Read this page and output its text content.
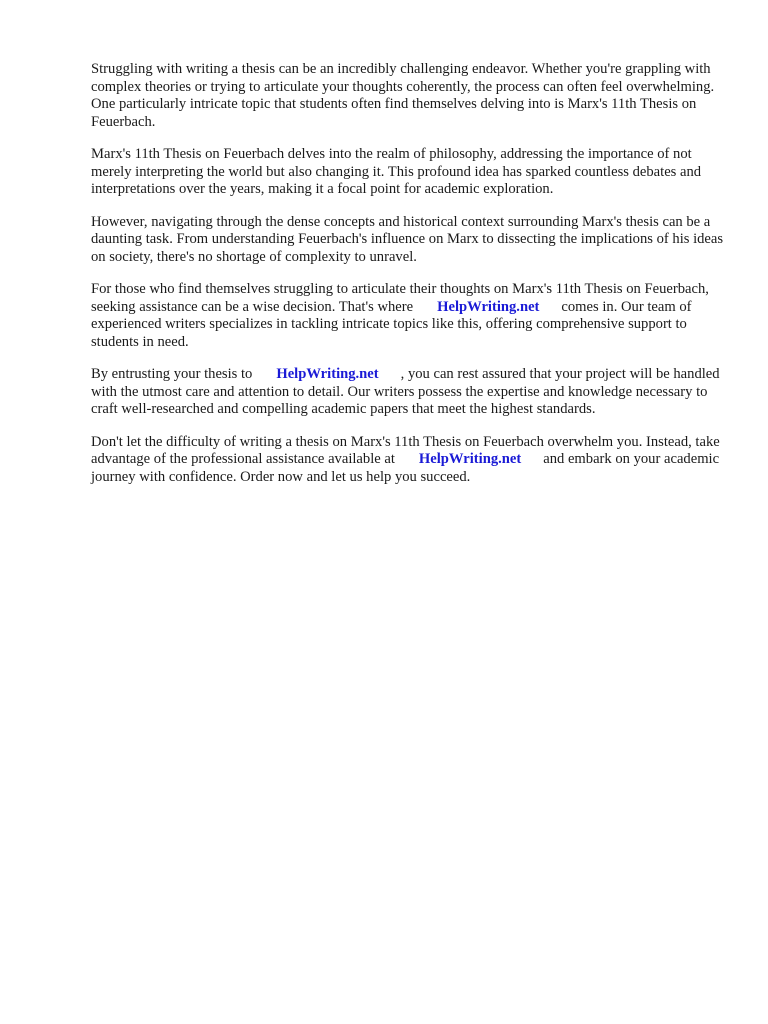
Struggling with writing a thesis can be an incredibly challenging endeavor. Whether you're grappling with complex theories or trying to articulate your thoughts coherently, the process can often feel overwhelming. One particularly intricate topic that students often find themselves delving into is Marx's 11th Thesis on Feuerbach.

Marx's 11th Thesis on Feuerbach delves into the realm of philosophy, addressing the importance of not merely interpreting the world but also changing it. This profound idea has sparked countless debates and interpretations over the years, making it a focal point for academic exploration.

However, navigating through the dense concepts and historical context surrounding Marx's thesis can be a daunting task. From understanding Feuerbach's influence on Marx to dissecting the implications of his ideas on society, there's no shortage of complexity to unravel.

For those who find themselves struggling to articulate their thoughts on Marx's 11th Thesis on Feuerbach, seeking assistance can be a wise decision. That's where HelpWriting.net comes in. Our team of experienced writers specializes in tackling intricate topics like this, offering comprehensive support to students in need.

By entrusting your thesis to HelpWriting.net , you can rest assured that your project will be handled with the utmost care and attention to detail. Our writers possess the expertise and knowledge necessary to craft well-researched and compelling academic papers that meet the highest standards.

Don't let the difficulty of writing a thesis on Marx's 11th Thesis on Feuerbach overwhelm you. Instead, take advantage of the professional assistance available at HelpWriting.net and embark on your academic journey with confidence. Order now and let us help you succeed.
